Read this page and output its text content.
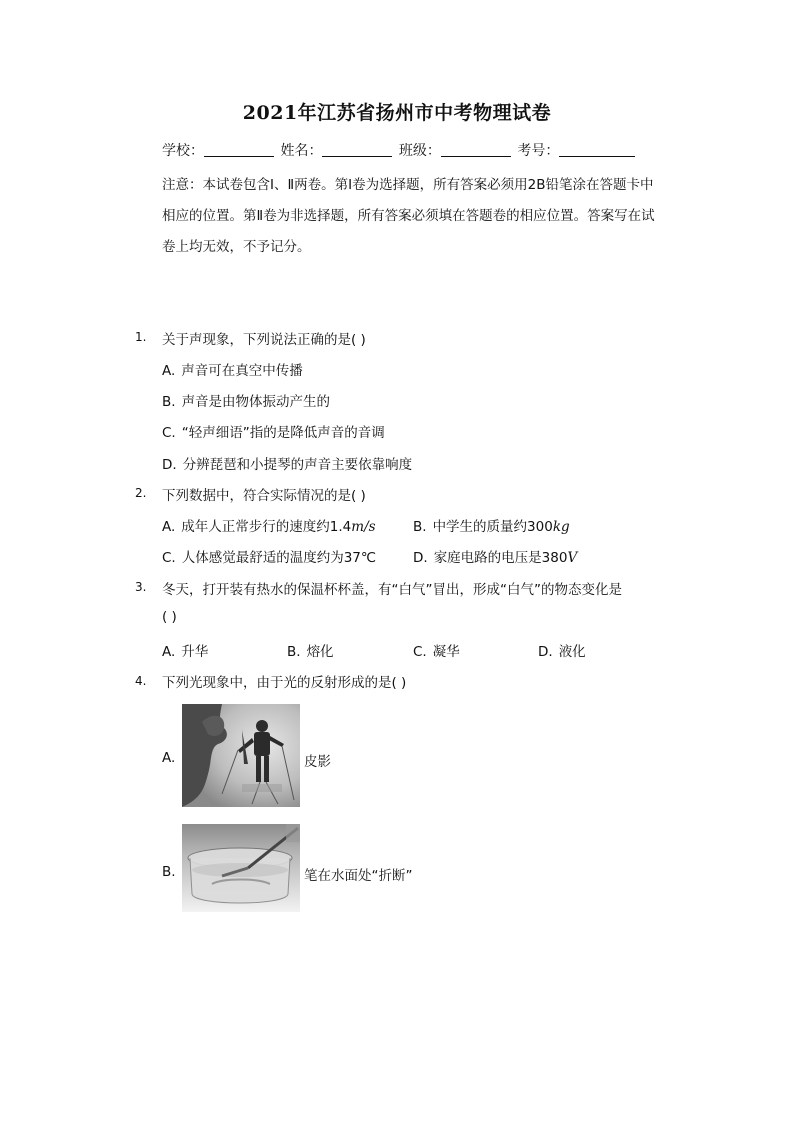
2021年江苏省扬州市中考物理试卷
学校：	姓名：	班级：	考号：
注意：本试卷包含Ⅰ、Ⅱ两卷。第Ⅰ卷为选择题，所有答案必须用2B铅笔涂在答题卡中相应的位置。第Ⅱ卷为非选择题，所有答案必须填在答题卷的相应位置。答案写在试卷上均无效，不予记分。
1. 关于声现象，下列说法正确的是( )
A. 声音可在真空中传播
B. 声音是由物体振动产生的
C. “轻声细语”指的是降低声音的音调
D. 分辨琵琶和小提琴的声音主要依靠响度
2. 下列数据中，符合实际情况的是( )
A. 成年人正常步行的速度约1.4m/s	B. 中学生的质量约300kg
C. 人体感觉最舒适的温度约为37℃	D. 家庭电路的电压是380V
3. 冬天，打开装有热水的保温杯杯盖，有“白气”冒出，形成“白气”的物态变化是
( )
A. 升华	B. 熔化	C. 凝华	D. 液化
4. 下列光现象中，由于光的反射形成的是( )
A.	皮影
B.	笔在水面处“折断”
